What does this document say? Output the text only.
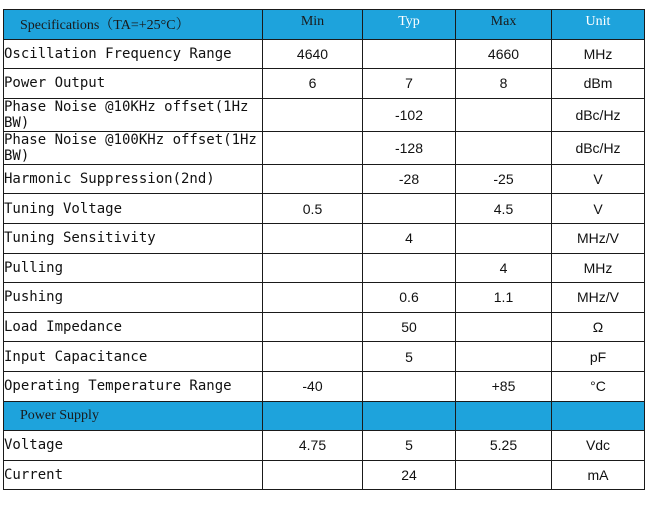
Specifications（TA=+25°C）	Min	Typ	Max	Unit
Oscillation Frequency Range	4640		4660	MHz
Power Output	6	7	8	dBm
Phase Noise @10KHz offset(1Hz BW)		-102		dBc/Hz
Phase Noise @100KHz offset(1Hz BW)		-128		dBc/Hz
Harmonic Suppression(2nd)		-28	-25	V
Tuning Voltage	0.5		4.5	V
Tuning Sensitivity		4		MHz/V
Pulling			4	MHz
Pushing		0.6	1.1	MHz/V
Load Impedance		50		Ω
Input Capacitance		5		pF
Operating Temperature Range	-40		+85	°C
Power Supply				
Voltage	4.75	5	5.25	Vdc
Current		24		mA
